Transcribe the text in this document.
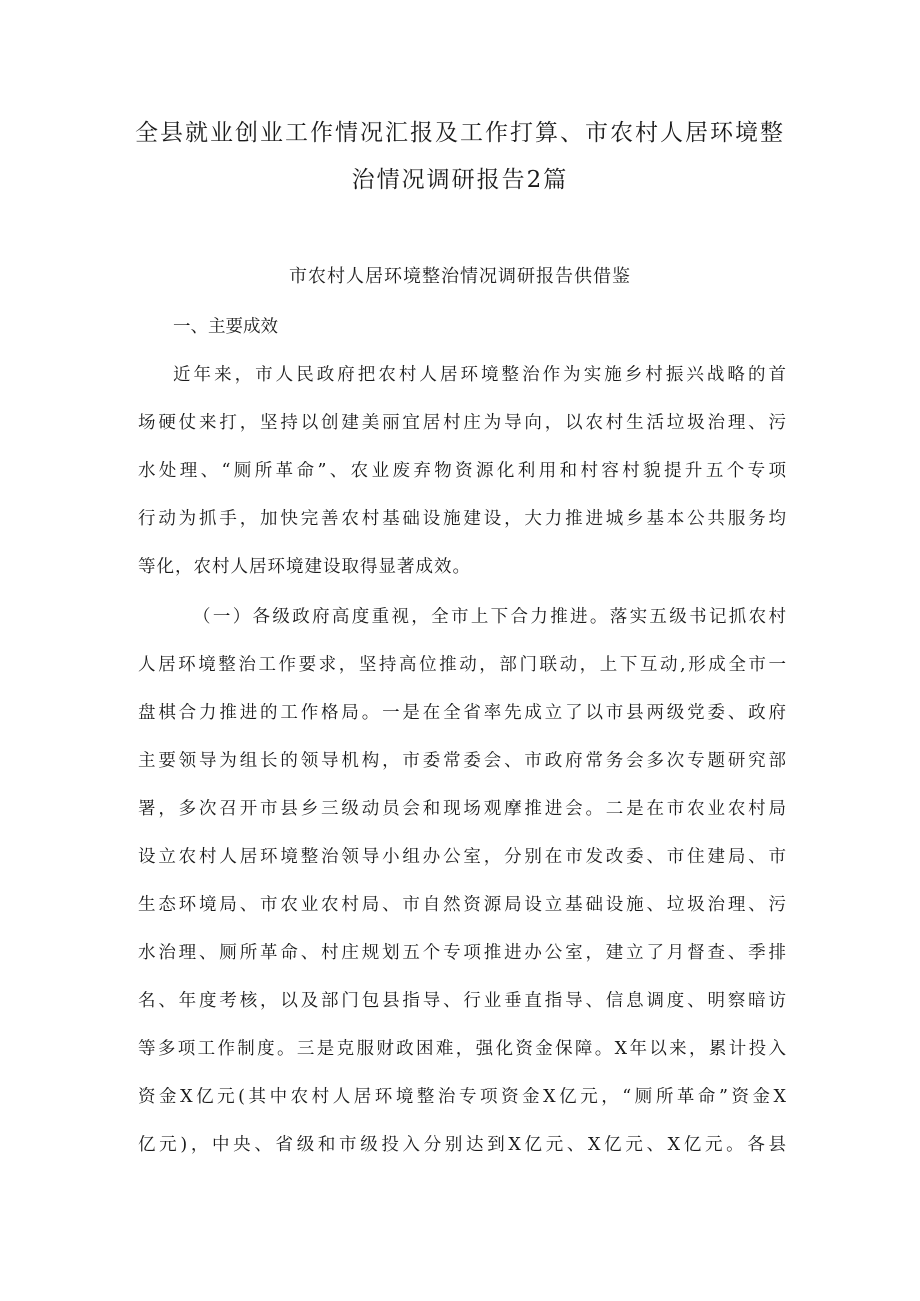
全县就业创业工作情况汇报及工作打算、市农村人居环境整
治情况调研报告2篇
市农村人居环境整治情况调研报告供借鉴

一、主要成效

近年来，市人民政府把农村人居环境整治作为实施乡村振兴战略的首

场硬仗来打，坚持以创建美丽宜居村庄为导向，以农村生活垃圾治理、污

水处理、“厕所革命”、农业废弃物资源化利用和村容村貌提升五个专项

行动为抓手，加快完善农村基础设施建设，大力推进城乡基本公共服务均

等化，农村人居环境建设取得显著成效。

（一）各级政府高度重视，全市上下合力推进。落实五级书记抓农村

人居环境整治工作要求，坚持高位推动，部门联动，上下互动,形成全市一

盘棋合力推进的工作格局。一是在全省率先成立了以市县两级党委、政府

主要领导为组长的领导机构，市委常委会、市政府常务会多次专题研究部

署，多次召开市县乡三级动员会和现场观摩推进会。二是在市农业农村局

设立农村人居环境整治领导小组办公室，分别在市发改委、市住建局、市

生态环境局、市农业农村局、市自然资源局设立基础设施、垃圾治理、污

水治理、厕所革命、村庄规划五个专项推进办公室，建立了月督查、季排

名、年度考核，以及部门包县指导、行业垂直指导、信息调度、明察暗访

等多项工作制度。三是克服财政困难，强化资金保障。X年以来，累计投入

资金X亿元(其中农村人居环境整治专项资金X亿元，“厕所革命”资金X

亿元)，中央、省级和市级投入分别达到X亿元、X亿元、X亿元。各县
